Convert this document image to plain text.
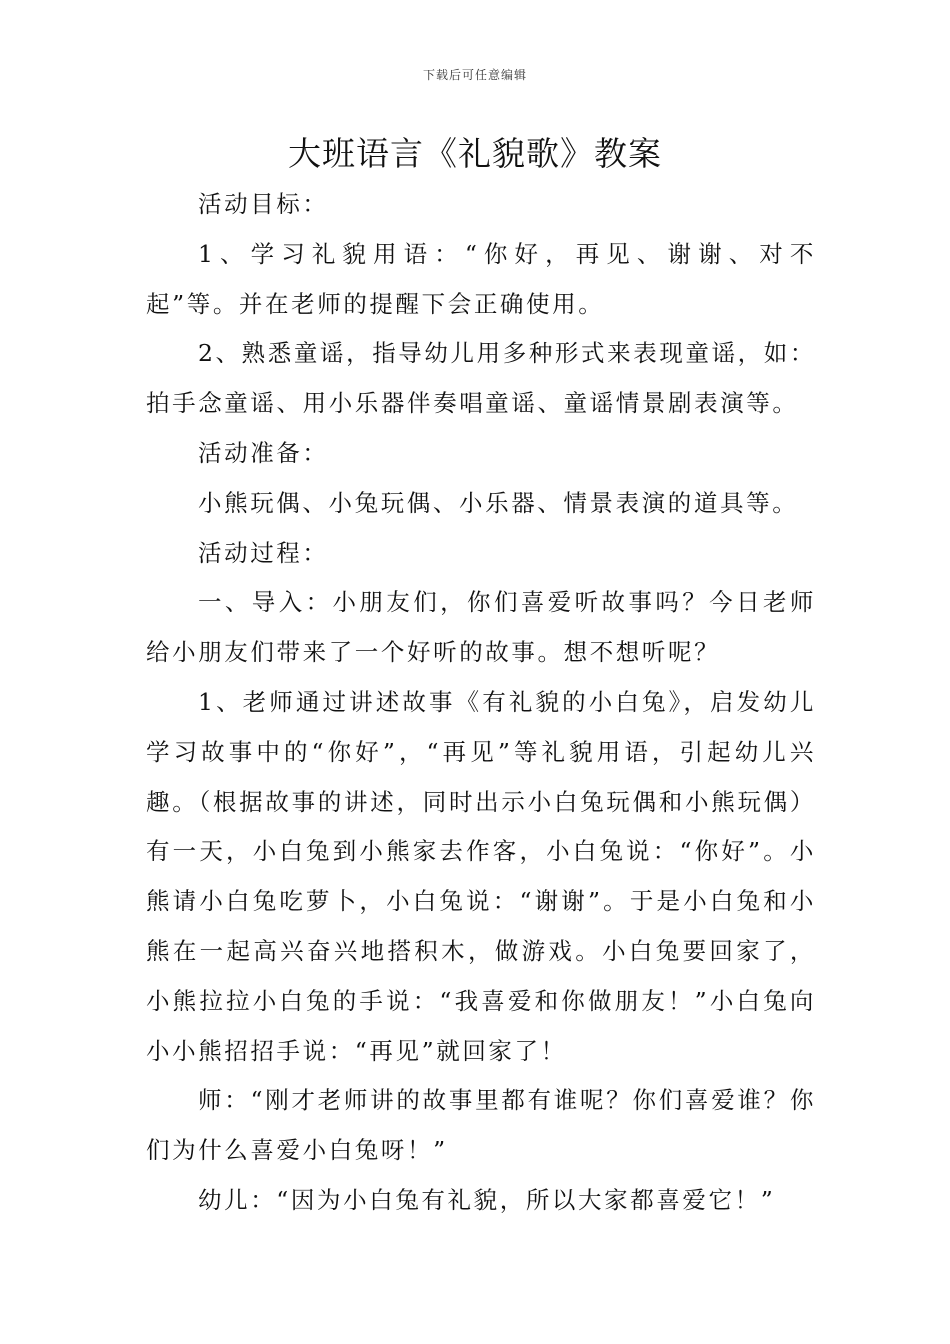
下载后可任意编辑
大班语言《礼貌歌》教案

活动目标：

1、学习礼貌用语：“你好，再见、谢谢、对不起”等。并在老师的提醒下会正确使用。

2、熟悉童谣，指导幼儿用多种形式来表现童谣，如：拍手念童谣、用小乐器伴奏唱童谣、童谣情景剧表演等。

活动准备：

小熊玩偶、小兔玩偶、小乐器、情景表演的道具等。

活动过程：

一、导入：小朋友们，你们喜爱听故事吗？今日老师给小朋友们带来了一个好听的故事。想不想听呢？

1、老师通过讲述故事《有礼貌的小白兔》，启发幼儿学习故事中的“你好”，“再见”等礼貌用语，引起幼儿兴趣。（根据故事的讲述，同时出示小白兔玩偶和小熊玩偶）有一天，小白兔到小熊家去作客，小白兔说：“你好”。小熊请小白兔吃萝卜，小白兔说：“谢谢”。于是小白兔和小熊在一起高兴奋兴地搭积木，做游戏。小白兔要回家了，小熊拉拉小白兔的手说：“我喜爱和你做朋友！”小白兔向小小熊招招手说：“再见”就回家了！

师：“刚才老师讲的故事里都有谁呢？你们喜爱谁？你们为什么喜爱小白兔呀！”

幼儿：“因为小白兔有礼貌，所以大家都喜爱它！”
